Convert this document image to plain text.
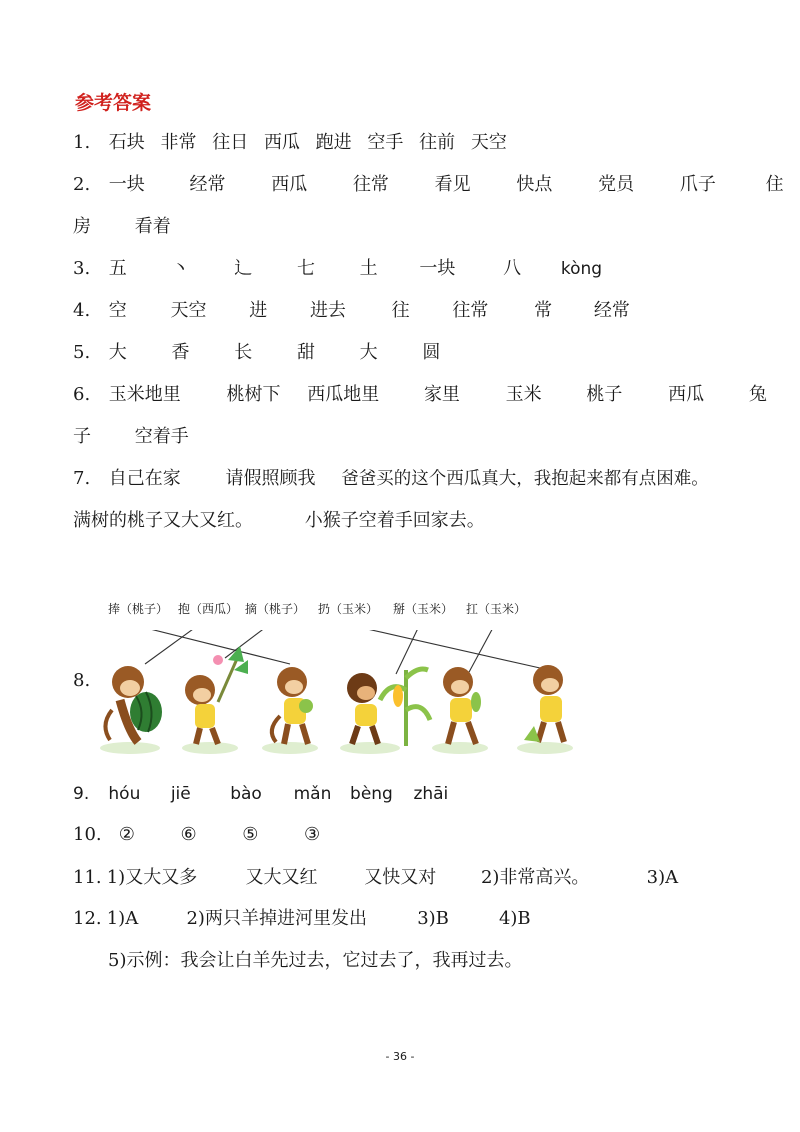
参考答案
1. 石块 非常 往日 西瓜 跑进 空手 往前 天空
2. 一块 经常	西瓜	往常	看见	快点	党员	爪子	住
房 看着
3. 五 丶 辶 七 土 一块	八 kòng
4. 空 天空 进 进去	往 往常	常 经常
5. 大 香 长 甜 大 圆
6. 玉米地里	桃树下 西瓜地里 家里	玉米 桃子	西瓜 兔
子 空着手
7. 自己在家 请假照顾我 爸爸买的这个西瓜真大，我抱起来都有点困难。
满树的桃子又大又红。	小猴子空着手回家去。
8.
捧（桃子） 抱（西瓜） 摘（桃子） 扔（玉米） 掰（玉米） 扛（玉米）
9. hóu jiē bào mǎn bèng zhāi
10. ②	⑥	⑤	③
11. 1)又大又多	又大又红	又快又对 2)非常高兴。	3)A
12. 1)A	2)两只羊掉进河里发出	3)B	4)B
5)示例：我会让白羊先过去，它过去了，我再过去。
- 36 -
